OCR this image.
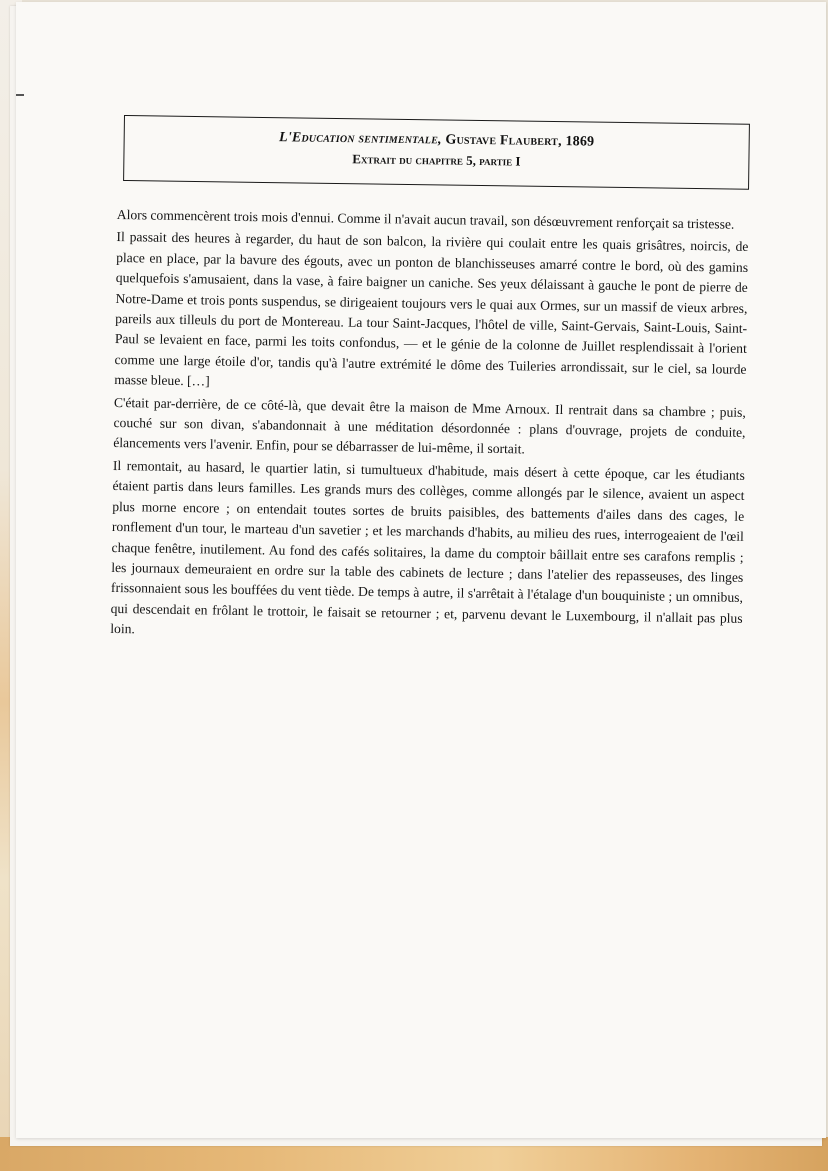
L'Education sentimentale, Gustave Flaubert, 1869
Extrait du chapitre 5, partie I

Alors commencèrent trois mois d'ennui. Comme il n'avait aucun travail, son désœuvrement renforçait sa tristesse.

Il passait des heures à regarder, du haut de son balcon, la rivière qui coulait entre les quais grisâtres, noircis, de place en place, par la bavure des égouts, avec un ponton de blanchisseuses amarré contre le bord, où des gamins quelquefois s'amusaient, dans la vase, à faire baigner un caniche. Ses yeux délaissant à gauche le pont de pierre de Notre-Dame et trois ponts suspendus, se dirigeaient toujours vers le quai aux Ormes, sur un massif de vieux arbres, pareils aux tilleuls du port de Montereau. La tour Saint-Jacques, l'hôtel de ville, Saint-Gervais, Saint-Louis, Saint-Paul se levaient en face, parmi les toits confondus, — et le génie de la colonne de Juillet resplendissait à l'orient comme une large étoile d'or, tandis qu'à l'autre extrémité le dôme des Tuileries arrondissait, sur le ciel, sa lourde masse bleue. […]

C'était par-derrière, de ce côté-là, que devait être la maison de Mme Arnoux. Il rentrait dans sa chambre ; puis, couché sur son divan, s'abandonnait à une méditation désordonnée : plans d'ouvrage, projets de conduite, élancements vers l'avenir. Enfin, pour se débarrasser de lui-même, il sortait.

Il remontait, au hasard, le quartier latin, si tumultueux d'habitude, mais désert à cette époque, car les étudiants étaient partis dans leurs familles. Les grands murs des collèges, comme allongés par le silence, avaient un aspect plus morne encore ; on entendait toutes sortes de bruits paisibles, des battements d'ailes dans des cages, le ronflement d'un tour, le marteau d'un savetier ; et les marchands d'habits, au milieu des rues, interrogeaient de l'œil chaque fenêtre, inutilement. Au fond des cafés solitaires, la dame du comptoir bâillait entre ses carafons remplis ; les journaux demeuraient en ordre sur la table des cabinets de lecture ; dans l'atelier des repasseuses, des linges frissonnaient sous les bouffées du vent tiède. De temps à autre, il s'arrêtait à l'étalage d'un bouquiniste ; un omnibus, qui descendait en frôlant le trottoir, le faisait se retourner ; et, parvenu devant le Luxembourg, il n'allait pas plus loin.
